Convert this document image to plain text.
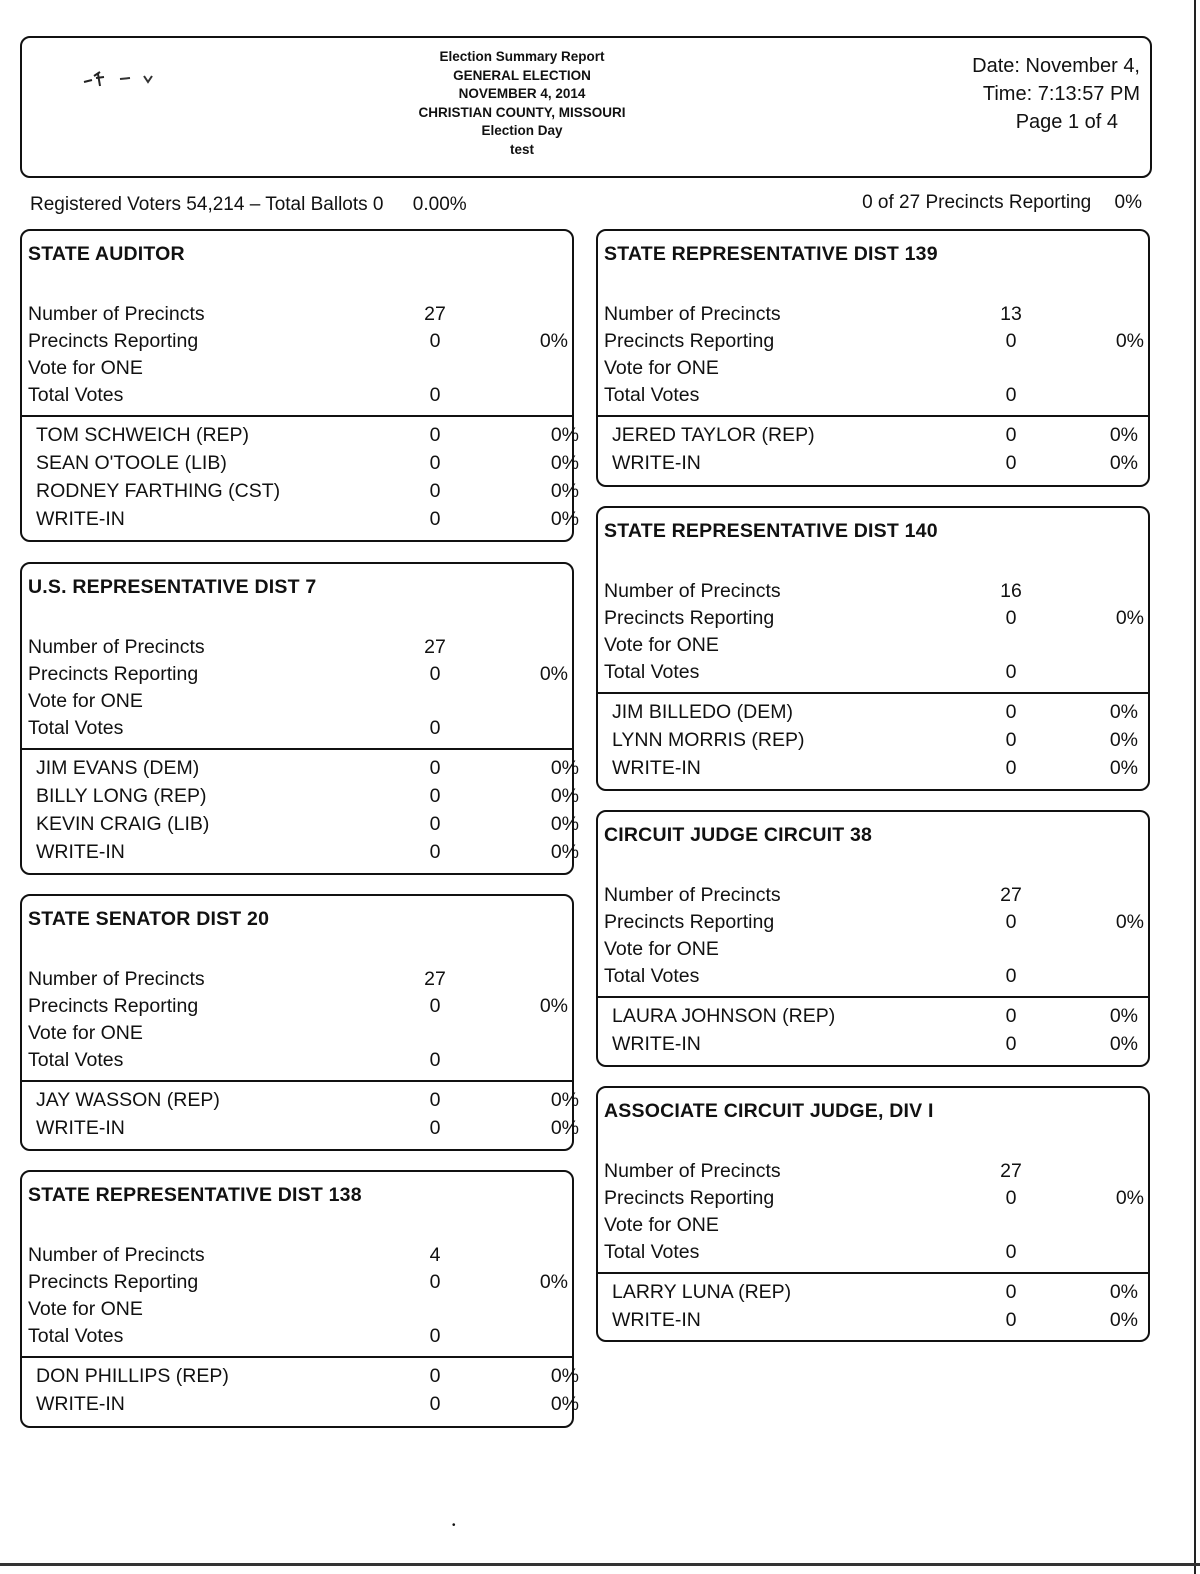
Election Summary Report
GENERAL ELECTION
NOVEMBER 4, 2014
CHRISTIAN COUNTY, MISSOURI
Election Day
test
Date: November 4,
Time: 7:13:57 PM
Page 1 of 4
Registered Voters 54,214 – Total Ballots 0 0.00%	0 of 27 Precincts Reporting 0%
STATE AUDITOR
Number of Precincts	27
Precincts Reporting	0	0%
Vote for ONE
Total Votes	0
TOM SCHWEICH (REP)	0	0%
SEAN O'TOOLE (LIB)	0	0%
RODNEY FARTHING (CST)	0	0%
WRITE-IN	0	0%
U.S. REPRESENTATIVE DIST 7
Number of Precincts	27
Precincts Reporting	0	0%
Vote for ONE
Total Votes	0
JIM EVANS (DEM)	0	0%
BILLY LONG (REP)	0	0%
KEVIN CRAIG (LIB)	0	0%
WRITE-IN	0	0%
STATE SENATOR DIST 20
Number of Precincts	27
Precincts Reporting	0	0%
Vote for ONE
Total Votes	0
JAY WASSON (REP)	0	0%
WRITE-IN	0	0%
STATE REPRESENTATIVE DIST 138
Number of Precincts	4
Precincts Reporting	0	0%
Vote for ONE
Total Votes	0
DON PHILLIPS (REP)	0	0%
WRITE-IN	0	0%
STATE REPRESENTATIVE DIST 139
Number of Precincts	13
Precincts Reporting	0	0%
Vote for ONE
Total Votes	0
JERED TAYLOR (REP)	0	0%
WRITE-IN	0	0%
STATE REPRESENTATIVE DIST 140
Number of Precincts	16
Precincts Reporting	0	0%
Vote for ONE
Total Votes	0
JIM BILLEDO (DEM)	0	0%
LYNN MORRIS (REP)	0	0%
WRITE-IN	0	0%
CIRCUIT JUDGE CIRCUIT 38
Number of Precincts	27
Precincts Reporting	0	0%
Vote for ONE
Total Votes	0
LAURA JOHNSON (REP)	0	0%
WRITE-IN	0	0%
ASSOCIATE CIRCUIT JUDGE, DIV I
Number of Precincts	27
Precincts Reporting	0	0%
Vote for ONE
Total Votes	0
LARRY LUNA (REP)	0	0%
WRITE-IN	0	0%
•
